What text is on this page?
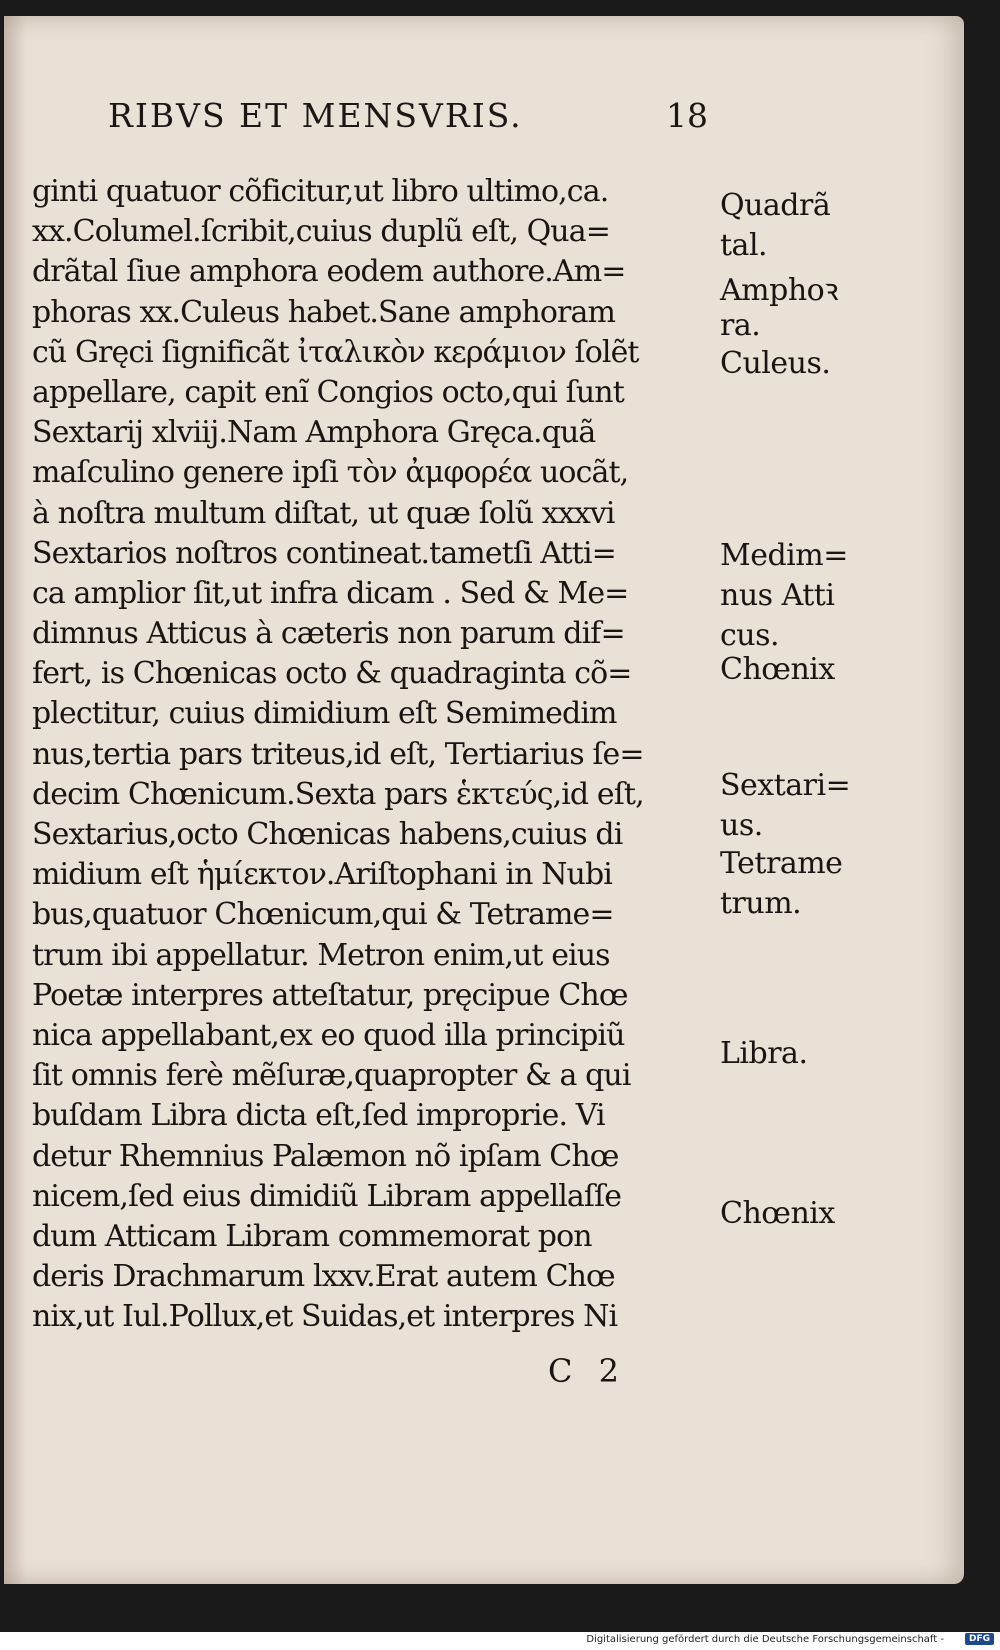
RIBVS ET MENSVRIS.	18
ginti quatuor cõficitur,ut libro ultimo,ca.
xx.Columel.ſcribit,cuius duplũ eſt, Qua=
drãtal ſiue amphora eodem authore.Am=
phoras xx.Culeus habet.Sane amphoram
cũ Gręci ſignificãt ἰταλικὸν κεράμιον ſolẽt
appellare, capit enĩ Congios octo,qui ſunt
Sextarij xlviij.Nam Amphora Gręca.quã
maſculino genere ipſi τὸν ἀμφορέα uocãt,
à noſtra multum diſtat, ut quæ ſolũ xxxvi
Sextarios noſtros contineat.tametſi Atti=
ca amplior ſit,ut infra dicam . Sed & Me=
dimnus Atticus à cæteris non parum dif=
fert, is Chœnicas octo & quadraginta cõ=
plectitur, cuius dimidium eſt Semimedim
nus,tertia pars triteus,id eſt, Tertiarius ſe=
decim Chœnicum.Sexta pars ἑκτεύς,id eſt,
Sextarius,octo Chœnicas habens,cuius di
midium eſt ἡμίεκτον.Ariſtophani in Nubi
bus,quatuor Chœnicum,qui & Tetrame=
trum ibi appellatur. Metron enim,ut eius
Poetæ interpres atteſtatur, pręcipue Chœ
nica appellabant,ex eo quod illa principiũ
ſit omnis ferè mẽſuræ,quapropter & a qui
buſdam Libra dicta eſt,ſed improprie. Vi
detur Rhemnius Palæmon nõ ipſam Chœ
nicem,ſed eius dimidiũ Libram appellaſſe
dum Atticam Libram commemorat pon
deris Drachmarum lxxv.Erat autem Chœ
nix,ut Iul.Pollux,et Suidas,et interpres Ni
C 2
Quadrã
tal.
Amphoꝛ
ra.
Culeus.
Medim=
nus Atti
cus.
Chœnix
Sextari=
us.
Tetrame
trum.
Libra.
Chœnix
Digitalisierung gefördert durch die Deutsche Forschungsgemeinschaft -	DFG
